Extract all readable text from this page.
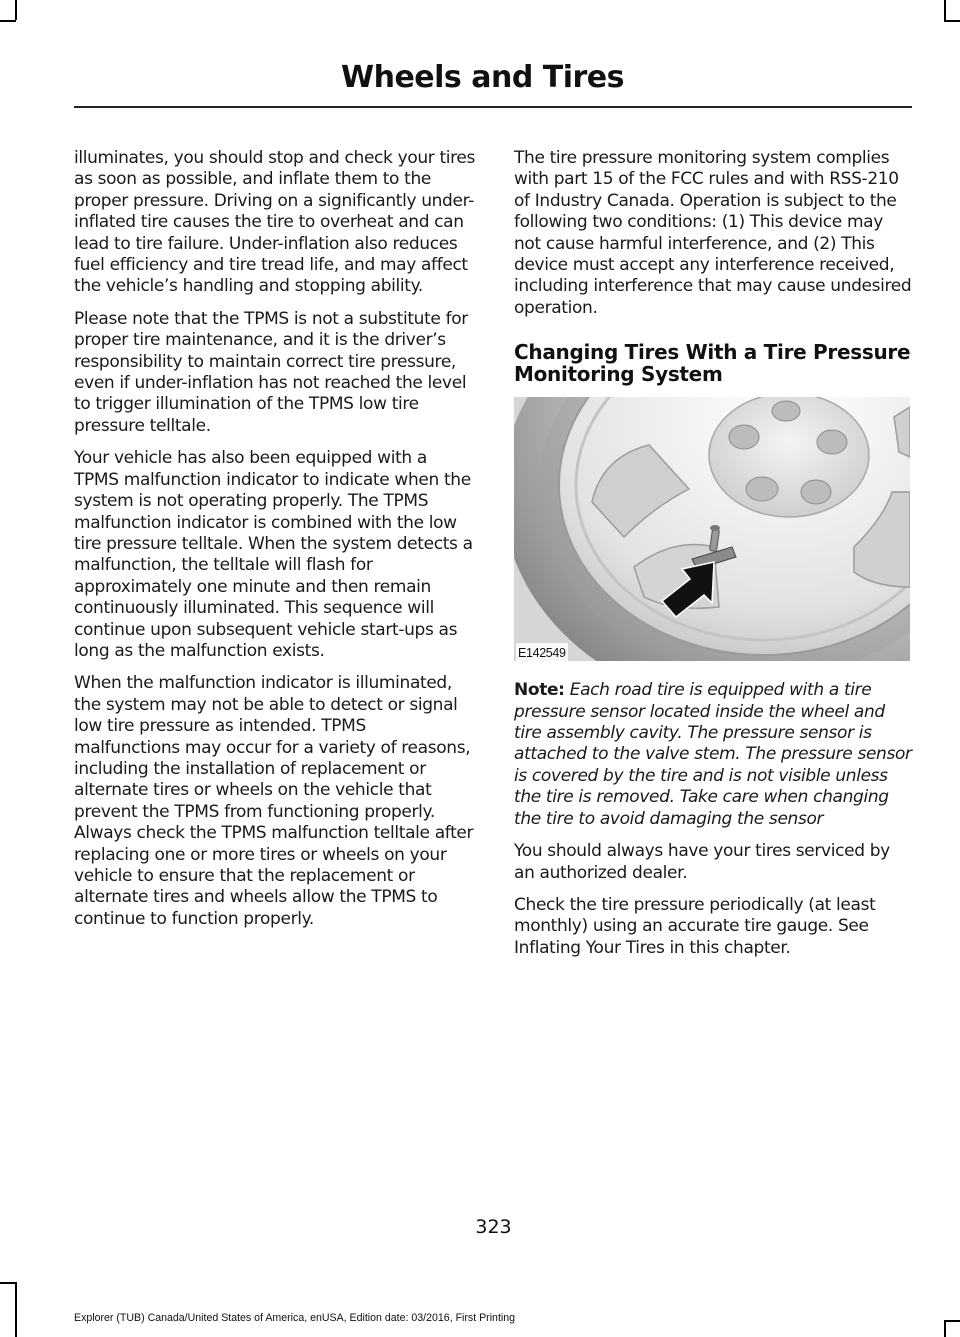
Wheels and Tires

illuminates, you should stop and check your tires as soon as possible, and inflate them to the proper pressure. Driving on a significantly under-inflated tire causes the tire to overheat and can lead to tire failure. Under-inflation also reduces fuel efficiency and tire tread life, and may affect the vehicle’s handling and stopping ability.

Please note that the TPMS is not a substitute for proper tire maintenance, and it is the driver’s responsibility to maintain correct tire pressure, even if under-inflation has not reached the level to trigger illumination of the TPMS low tire pressure telltale.

Your vehicle has also been equipped with a TPMS malfunction indicator to indicate when the system is not operating properly. The TPMS malfunction indicator is combined with the low tire pressure telltale. When the system detects a malfunction, the telltale will flash for approximately one minute and then remain continuously illuminated. This sequence will continue upon subsequent vehicle start-ups as long as the malfunction exists.

When the malfunction indicator is illuminated, the system may not be able to detect or signal low tire pressure as intended. TPMS malfunctions may occur for a variety of reasons, including the installation of replacement or alternate tires or wheels on the vehicle that prevent the TPMS from functioning properly. Always check the TPMS malfunction telltale after replacing one or more tires or wheels on your vehicle to ensure that the replacement or alternate tires and wheels allow the TPMS to continue to function properly.

The tire pressure monitoring system complies with part 15 of the FCC rules and with RSS-210 of Industry Canada. Operation is subject to the following two conditions: (1) This device may not cause harmful interference, and (2) This device must accept any interference received, including interference that may cause undesired operation.

Changing Tires With a Tire Pressure Monitoring System
E142549

Note: Each road tire is equipped with a tire pressure sensor located inside the wheel and tire assembly cavity. The pressure sensor is attached to the valve stem. The pressure sensor is covered by the tire and is not visible unless the tire is removed. Take care when changing the tire to avoid damaging the sensor

You should always have your tires serviced by an authorized dealer.

Check the tire pressure periodically (at least monthly) using an accurate tire gauge. See Inflating Your Tires in this chapter.

323
Explorer (TUB) Canada/United States of America, enUSA, Edition date: 03/2016, First Printing
